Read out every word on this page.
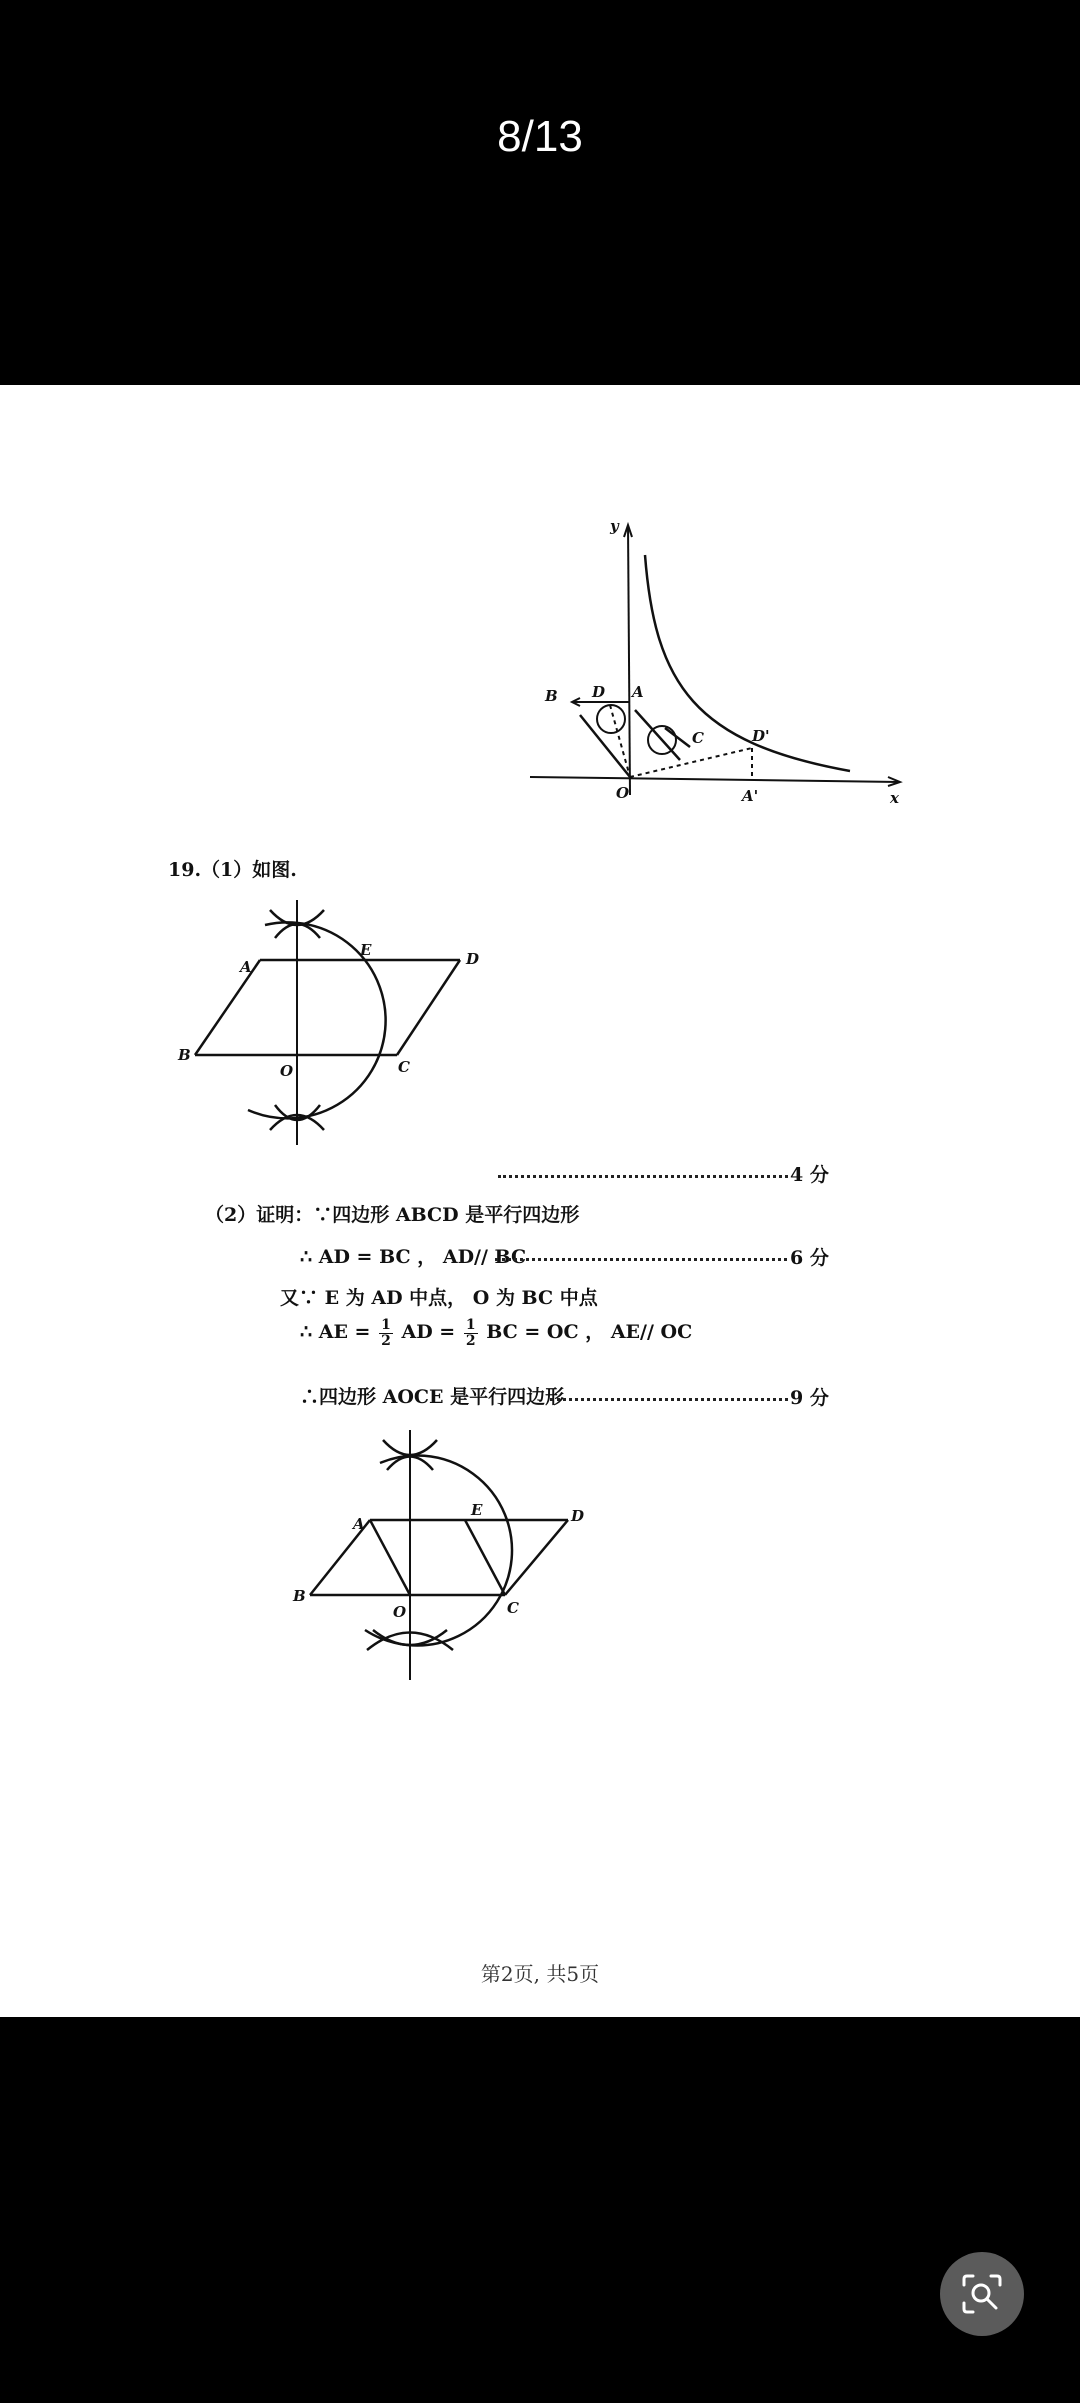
8/13
y
x
B D A
C	D'
O	A'
19.（1）如图.
A
E	D
B
O	C
4 分
（2）证明：∵四边形 ABCD 是平行四边形
∴ AD = BC ， AD// BC	6 分
又∵ E 为 AD 中点， O 为 BC 中点
∴ AE = $\frac{1}{2}$ AD = $\frac{1}{2}$ BC = OC ， AE// OC
∴四边形 AOCE 是平行四边形	9 分
A
E	D
B
O	C
第2页, 共5页
